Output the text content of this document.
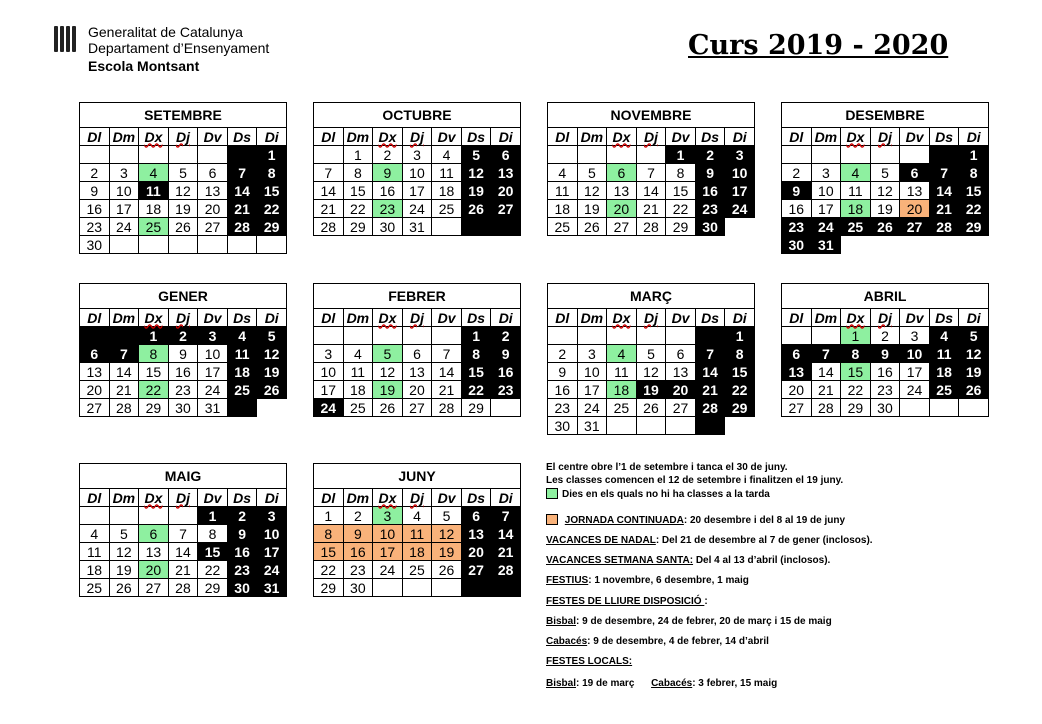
Generalitat de Catalunya
Departament d’Ensenyament
Escola Montsant
Curs 2019 - 2020
SETEMBRE						
Dl	Dm	Dx	Dj	Dv	Ds	Di
						1
2	3	4	5	6	7	8
9	10	11	12	13	14	15
16	17	18	19	20	21	22
23	24	25	26	27	28	29
30						
OCTUBRE						
Dl	Dm	Dx	Dj	Dv	Ds	Di
	1	2	3	4	5	6
7	8	9	10	11	12	13
14	15	16	17	18	19	20
21	22	23	24	25	26	27
28	29	30	31			
NOVEMBRE						
Dl	Dm	Dx	Dj	Dv	Ds	Di
				1	2	3
4	5	6	7	8	9	10
11	12	13	14	15	16	17
18	19	20	21	22	23	24
25	26	27	28	29	30	
DESEMBRE						
Dl	Dm	Dx	Dj	Dv	Ds	Di
						1
2	3	4	5	6	7	8
9	10	11	12	13	14	15
16	17	18	19	20	21	22
23	24	25	26	27	28	29
30	31					
GENER						
Dl	Dm	Dx	Dj	Dv	Ds	Di
		1	2	3	4	5
6	7	8	9	10	11	12
13	14	15	16	17	18	19
20	21	22	23	24	25	26
27	28	29	30	31		
FEBRER						
Dl	Dm	Dx	Dj	Dv	Ds	Di
					1	2
3	4	5	6	7	8	9
10	11	12	13	14	15	16
17	18	19	20	21	22	23
24	25	26	27	28	29	
MARÇ						
Dl	Dm	Dx	Dj	Dv	Ds	Di
						1
2	3	4	5	6	7	8
9	10	11	12	13	14	15
16	17	18	19	20	21	22
23	24	25	26	27	28	29
30	31					
ABRIL						
Dl	Dm	Dx	Dj	Dv	Ds	Di
		1	2	3	4	5
6	7	8	9	10	11	12
13	14	15	16	17	18	19
20	21	22	23	24	25	26
27	28	29	30			
MAIG						
Dl	Dm	Dx	Dj	Dv	Ds	Di
				1	2	3
4	5	6	7	8	9	10
11	12	13	14	15	16	17
18	19	20	21	22	23	24
25	26	27	28	29	30	31
JUNY						
Dl	Dm	Dx	Dj	Dv	Ds	Di
1	2	3	4	5	6	7
8	9	10	11	12	13	14
15	16	17	18	19	20	21
22	23	24	25	26	27	28
29	30					
El centre obre l’1 de setembre i tanca el 30 de juny.
Les classes comencen el 12 de setembre i finalitzen el 19 juny.
Dies en els quals no hi ha classes a la tarda
JORNADA CONTINUADA: 20 desembre i del 8 al 19 de juny
VACANCES DE NADAL: Del 21 de desembre al 7 de gener (inclosos).
VACANCES SETMANA SANTA: Del 4 al 13 d’abril (inclosos).
FESTIUS: 1 novembre, 6 desembre, 1 maig
FESTES DE LLIURE DISPOSICIÓ :
Bisbal: 9 de desembre, 24 de febrer, 20 de març i 15 de maig
Cabacés: 9 de desembre, 4 de febrer, 14 d’abril
FESTES LOCALS:
Bisbal: 19 de març      Cabacés: 3 febrer, 15 maig
